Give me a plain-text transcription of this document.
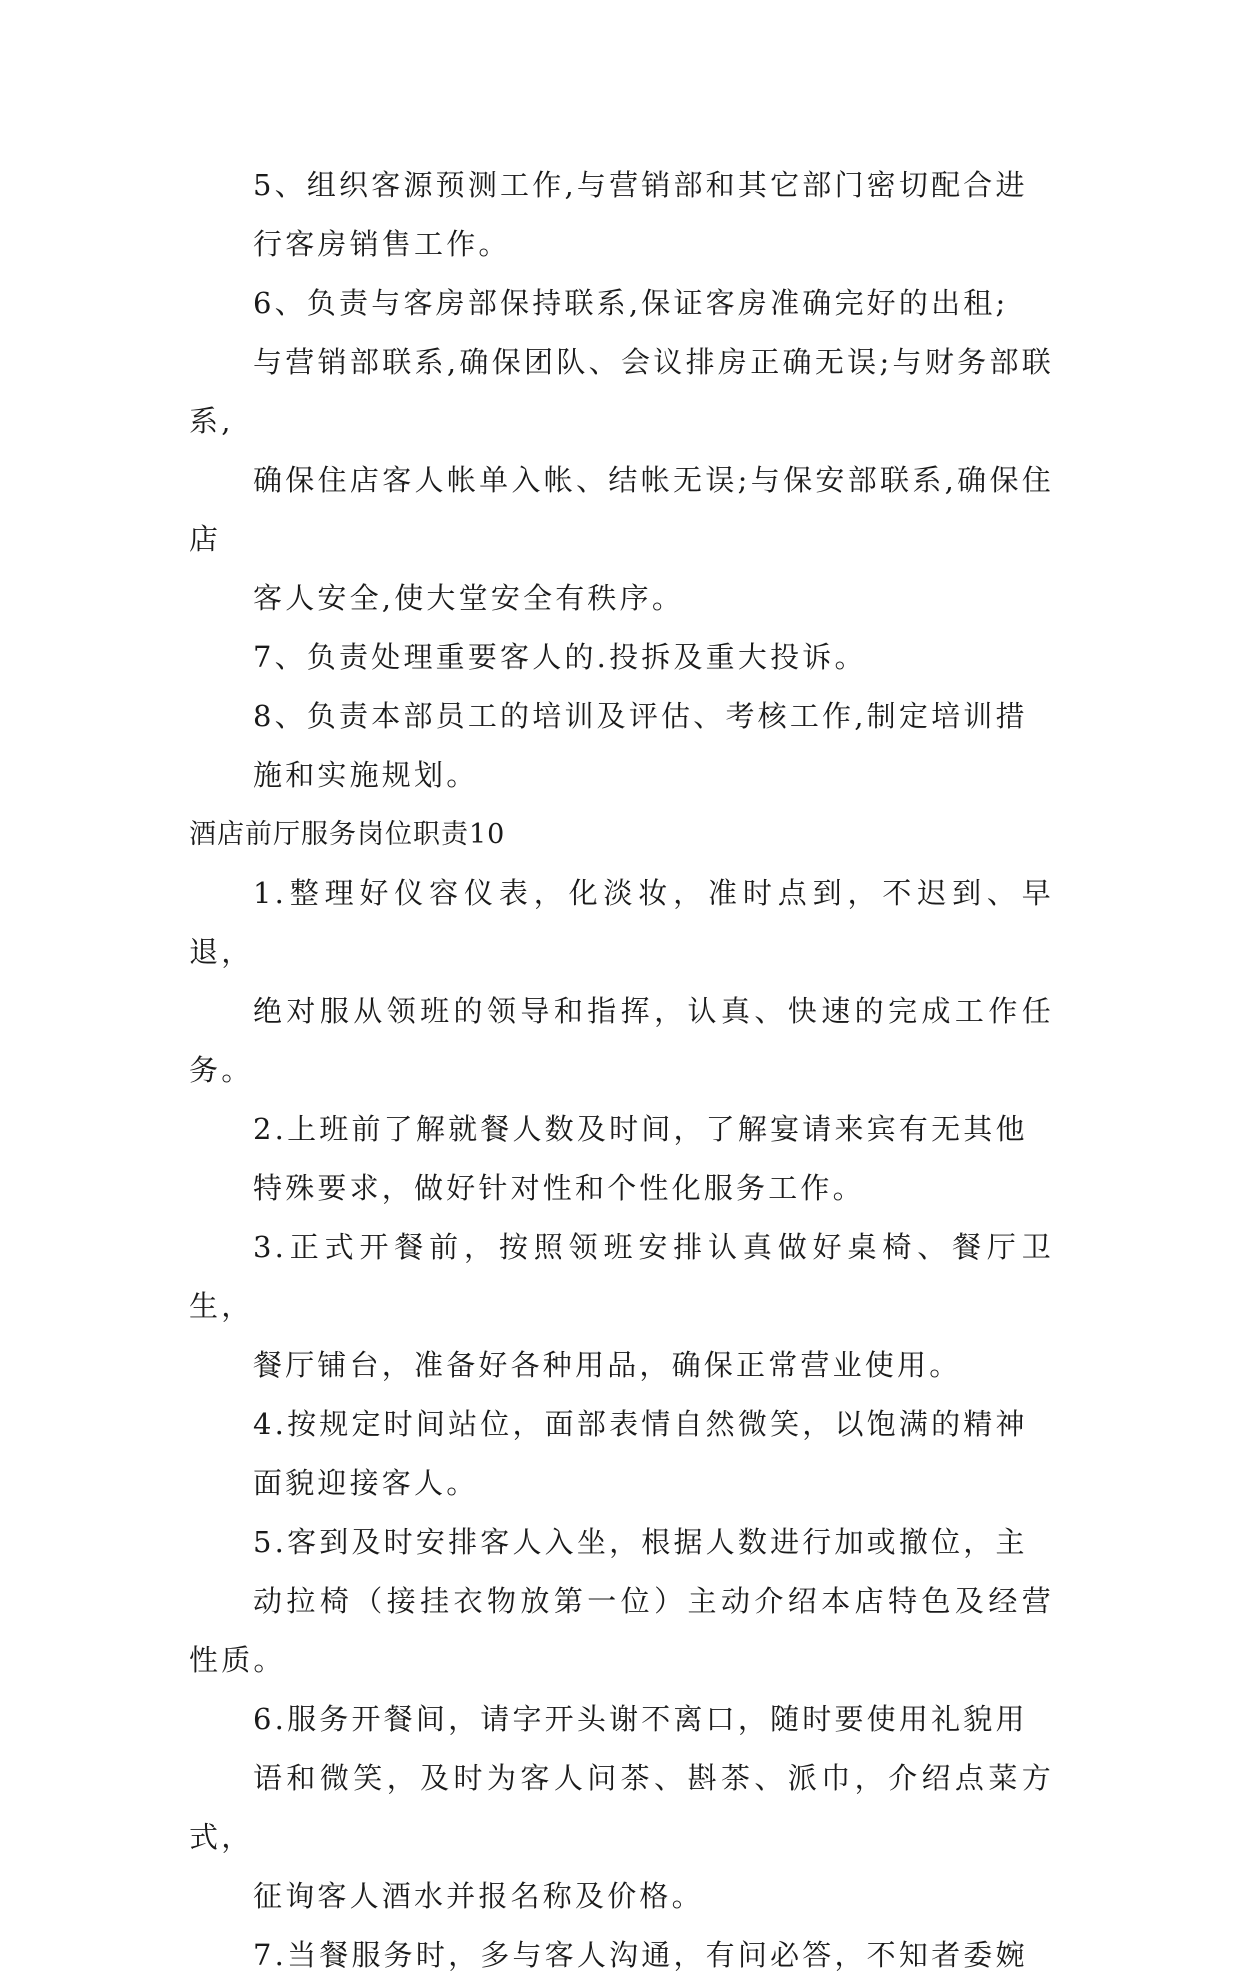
5、组织客源预测工作,与营销部和其它部门密切配合进
行客房销售工作。

6、负责与客房部保持联系,保证客房准确完好的出租;
与营销部联系,确保团队、会议排房正确无误;与财务部联系,
确保住店客人帐单入帐、结帐无误;与保安部联系,确保住店
客人安全,使大堂安全有秩序。

7、负责处理重要客人的.投拆及重大投诉。

8、负责本部员工的培训及评估、考核工作,制定培训措
施和实施规划。

酒店前厅服务岗位职责10

1.整理好仪容仪表，化淡妆，准时点到，不迟到、早退，
绝对服从领班的领导和指挥，认真、快速的完成工作任务。

2.上班前了解就餐人数及时间，了解宴请来宾有无其他
特殊要求，做好针对性和个性化服务工作。

3.正式开餐前，按照领班安排认真做好桌椅、餐厅卫生，
餐厅铺台，准备好各种用品，确保正常营业使用。

4.按规定时间站位，面部表情自然微笑，以饱满的精神
面貌迎接客人。

5.客到及时安排客人入坐，根据人数进行加或撤位，主
动拉椅（接挂衣物放第一位）主动介绍本店特色及经营性质。

6.服务开餐间，请字开头谢不离口，随时要使用礼貌用
语和微笑，及时为客人问茶、斟茶、派巾，介绍点菜方式，
征询客人酒水并报名称及价格。

7.当餐服务时，多与客人沟通，有问必答，不知者委婉
